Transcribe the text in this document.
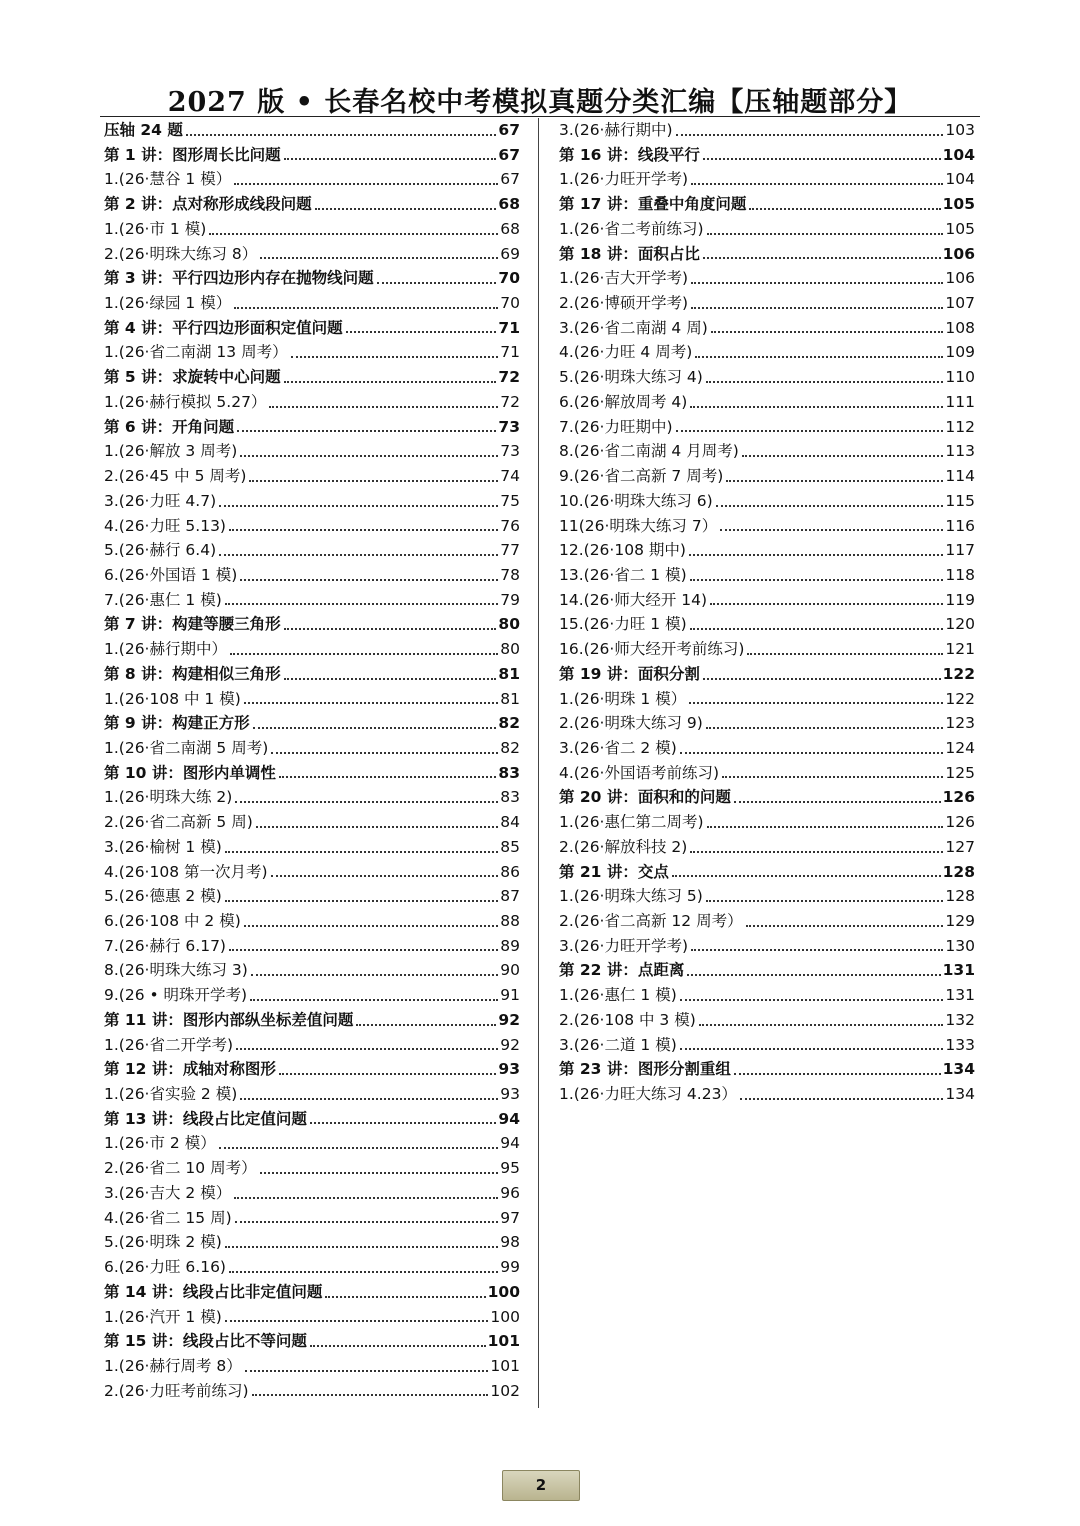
2027 版 • 长春名校中考模拟真题分类汇编【压轴题部分】
压轴 24 题	67
第 1 讲：图形周长比问题	67
1.(26·慧谷 1 模）	67
第 2 讲：点对称形成线段问题	68
1.(26·市 1 模)	68
2.(26·明珠大练习 8）	69
第 3 讲：平行四边形内存在抛物线问题	70
1.(26·绿园 1 模）	70
第 4 讲：平行四边形面积定值问题	71
1.(26·省二南湖 13 周考）	71
第 5 讲：求旋转中心问题	72
1.(26·赫行模拟 5.27）	72
第 6 讲：开角问题	73
1.(26·解放 3 周考)	73
2.(26·45 中 5 周考)	74
3.(26·力旺 4.7)	75
4.(26·力旺 5.13)	76
5.(26·赫行 6.4)	77
6.(26·外国语 1 模)	78
7.(26·惠仁 1 模)	79
第 7 讲：构建等腰三角形	80
1.(26·赫行期中）	80
第 8 讲：构建相似三角形	81
1.(26·108 中 1 模)	81
第 9 讲：构建正方形	82
1.(26·省二南湖 5 周考)	82
第 10 讲：图形内单调性	83
1.(26·明珠大练 2)	83
2.(26·省二高新 5 周)	84
3.(26·榆树 1 模)	85
4.(26·108 第一次月考)	86
5.(26·德惠 2 模)	87
6.(26·108 中 2 模)	88
7.(26·赫行 6.17)	89
8.(26·明珠大练习 3)	90
9.(26 • 明珠开学考)	91
第 11 讲：图形内部纵坐标差值问题	92
1.(26·省二开学考)	92
第 12 讲：成轴对称图形	93
1.(26·省实验 2 模)	93
第 13 讲：线段占比定值问题	94
1.(26·市 2 模）	94
2.(26·省二 10 周考）	95
3.(26·吉大 2 模）	96
4.(26·省二 15 周)	97
5.(26·明珠 2 模)	98
6.(26·力旺 6.16)	99
第 14 讲：线段占比非定值问题	100
1.(26·汽开 1 模)	100
第 15 讲：线段占比不等问题	101
1.(26·赫行周考 8）	101
2.(26·力旺考前练习)	102
3.(26·赫行期中)	103
第 16 讲：线段平行	104
1.(26·力旺开学考)	104
第 17 讲：重叠中角度问题	105
1.(26·省二考前练习)	105
第 18 讲：面积占比	106
1.(26·吉大开学考)	106
2.(26·博硕开学考)	107
3.(26·省二南湖 4 周)	108
4.(26·力旺 4 周考)	109
5.(26·明珠大练习 4)	110
6.(26·解放周考 4)	111
7.(26·力旺期中)	112
8.(26·省二南湖 4 月周考)	113
9.(26·省二高新 7 周考)	114
10.(26·明珠大练习 6)	115
11(26·明珠大练习 7）	116
12.(26·108 期中)	117
13.(26·省二 1 模)	118
14.(26·师大经开 14)	119
15.(26·力旺 1 模)	120
16.(26·师大经开考前练习)	121
第 19 讲：面积分割	122
1.(26·明珠 1 模）	122
2.(26·明珠大练习 9)	123
3.(26·省二 2 模)	124
4.(26·外国语考前练习)	125
第 20 讲：面积和的问题	126
1.(26·惠仁第二周考)	126
2.(26·解放科技 2)	127
第 21 讲：交点	128
1.(26·明珠大练习 5)	128
2.(26·省二高新 12 周考）	129
3.(26·力旺开学考)	130
第 22 讲：点距离	131
1.(26·惠仁 1 模)	131
2.(26·108 中 3 模)	132
3.(26·二道 1 模)	133
第 23 讲：图形分割重组	134
1.(26·力旺大练习 4.23）	134
2
